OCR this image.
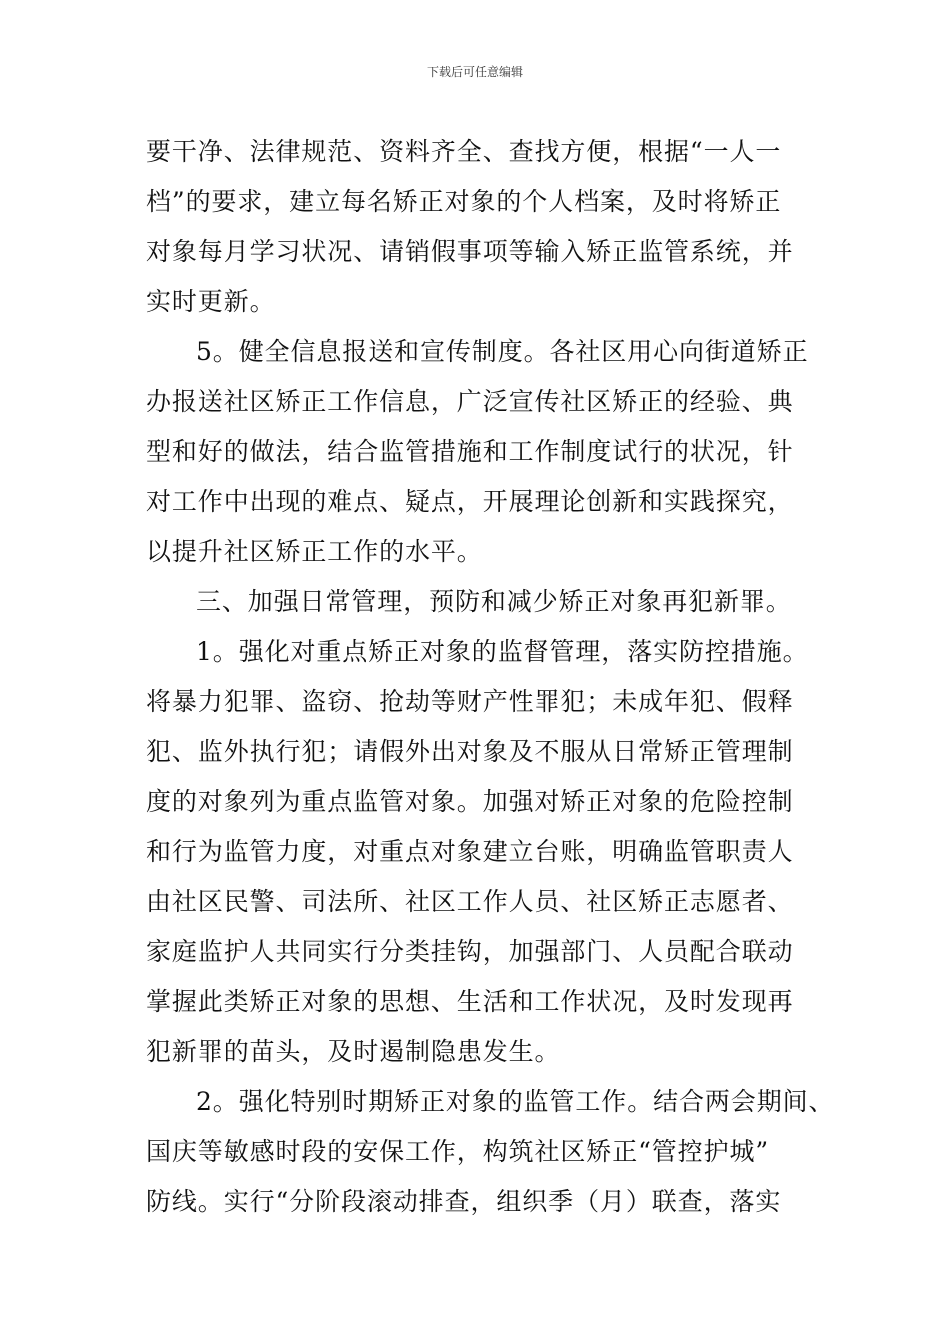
下载后可任意编辑
要干净、法律规范、资料齐全、查找方便，根据“一人一
档”的要求，建立每名矫正对象的个人档案，及时将矫正
对象每月学习状况、请销假事项等输入矫正监管系统，并
实时更新。
5。健全信息报送和宣传制度。各社区用心向街道矫正
办报送社区矫正工作信息，广泛宣传社区矫正的经验、典
型和好的做法，结合监管措施和工作制度试行的状况，针
对工作中出现的难点、疑点，开展理论创新和实践探究，
以提升社区矫正工作的水平。
三、加强日常管理，预防和减少矫正对象再犯新罪。
1。强化对重点矫正对象的监督管理，落实防控措施。
将暴力犯罪、盗窃、抢劫等财产性罪犯；未成年犯、假释
犯、监外执行犯；请假外出对象及不服从日常矫正管理制
度的对象列为重点监管对象。加强对矫正对象的危险控制
和行为监管力度，对重点对象建立台账，明确监管职责人
由社区民警、司法所、社区工作人员、社区矫正志愿者、
家庭监护人共同实行分类挂钩，加强部门、人员配合联动
掌握此类矫正对象的思想、生活和工作状况，及时发现再
犯新罪的苗头，及时遏制隐患发生。
2。强化特别时期矫正对象的监管工作。结合两会期间、
国庆等敏感时段的安保工作，构筑社区矫正“管控护城”
防线。实行“分阶段滚动排查，组织季（月）联查，落实
